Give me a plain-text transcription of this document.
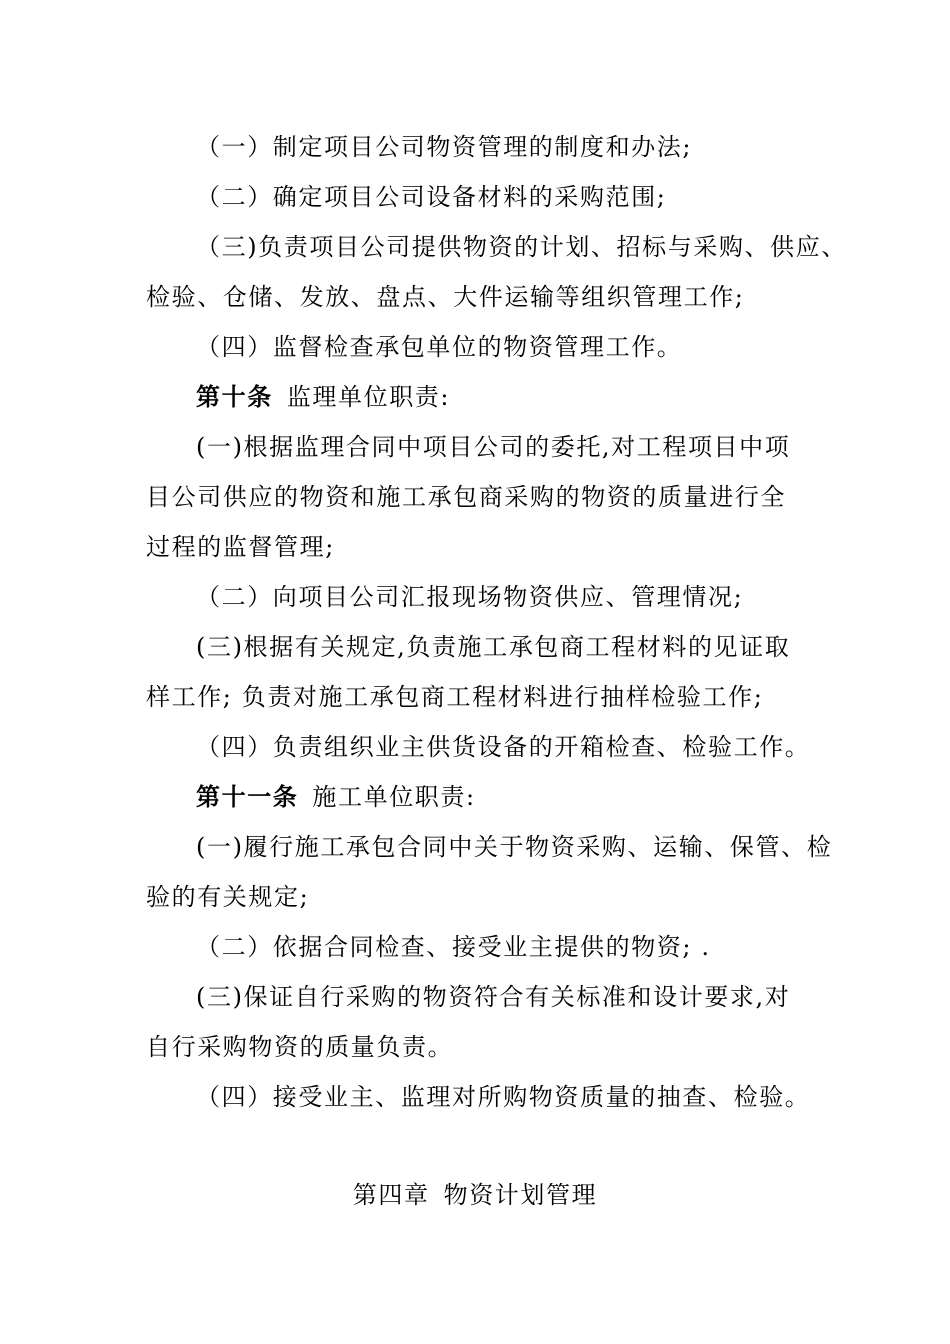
（一）制定项目公司物资管理的制度和办法;
（二）确定项目公司设备材料的采购范围;
（三)负责项目公司提供物资的计划、招标与采购、供应、
检验、仓储、发放、盘点、大件运输等组织管理工作;
（四）监督检查承包单位的物资管理工作。
第十条 监理单位职责:
(一)根据监理合同中项目公司的委托,对工程项目中项
目公司供应的物资和施工承包商采购的物资的质量进行全
过程的监督管理;
（二）向项目公司汇报现场物资供应、管理情况;
(三)根据有关规定,负责施工承包商工程材料的见证取
样工作; 负责对施工承包商工程材料进行抽样检验工作;
（四）负责组织业主供货设备的开箱检查、检验工作。
第十一条 施工单位职责:
(一)履行施工承包合同中关于物资采购、运输、保管、检
验的有关规定;
（二）依据合同检查、接受业主提供的物资; .
(三)保证自行采购的物资符合有关标准和设计要求,对
自行采购物资的质量负责。
（四）接受业主、监理对所购物资质量的抽查、检验。
第四章 物资计划管理
